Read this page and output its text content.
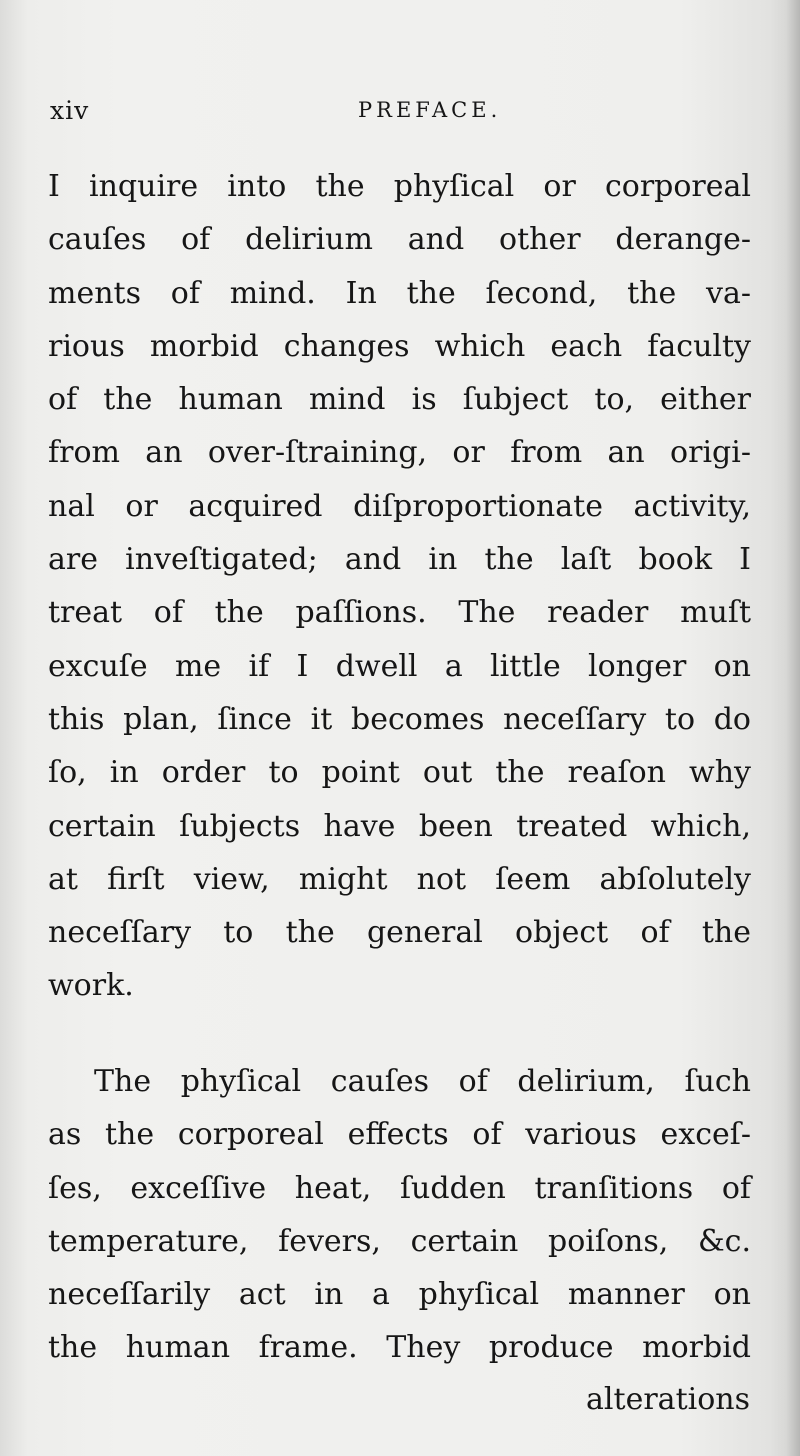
xiv	PREFACE.
I inquire into the phyſical or corporeal
cauſes of delirium and other derange-
ments of mind. In the ſecond, the va-
rious morbid changes which each faculty
of the human mind is ſubject to, either
from an over-ſtraining, or from an origi-
nal or acquired diſproportionate activity,
are inveſtigated; and in the laſt book I
treat of the paſſions. The reader muſt
excuſe me if I dwell a little longer on
this plan, ſince it becomes neceſſary to do
ſo, in order to point out the reaſon why
certain ſubjects have been treated which,
at firſt view, might not ſeem abſolutely
neceſſary to the general object of the
work.
The phyſical cauſes of delirium, ſuch
as the corporeal effects of various exceſ-
ſes, exceſſive heat, ſudden tranſitions of
temperature, fevers, certain poiſons, &c.
neceſſarily act in a phyſical manner on
the human frame. They produce morbid
alterations
